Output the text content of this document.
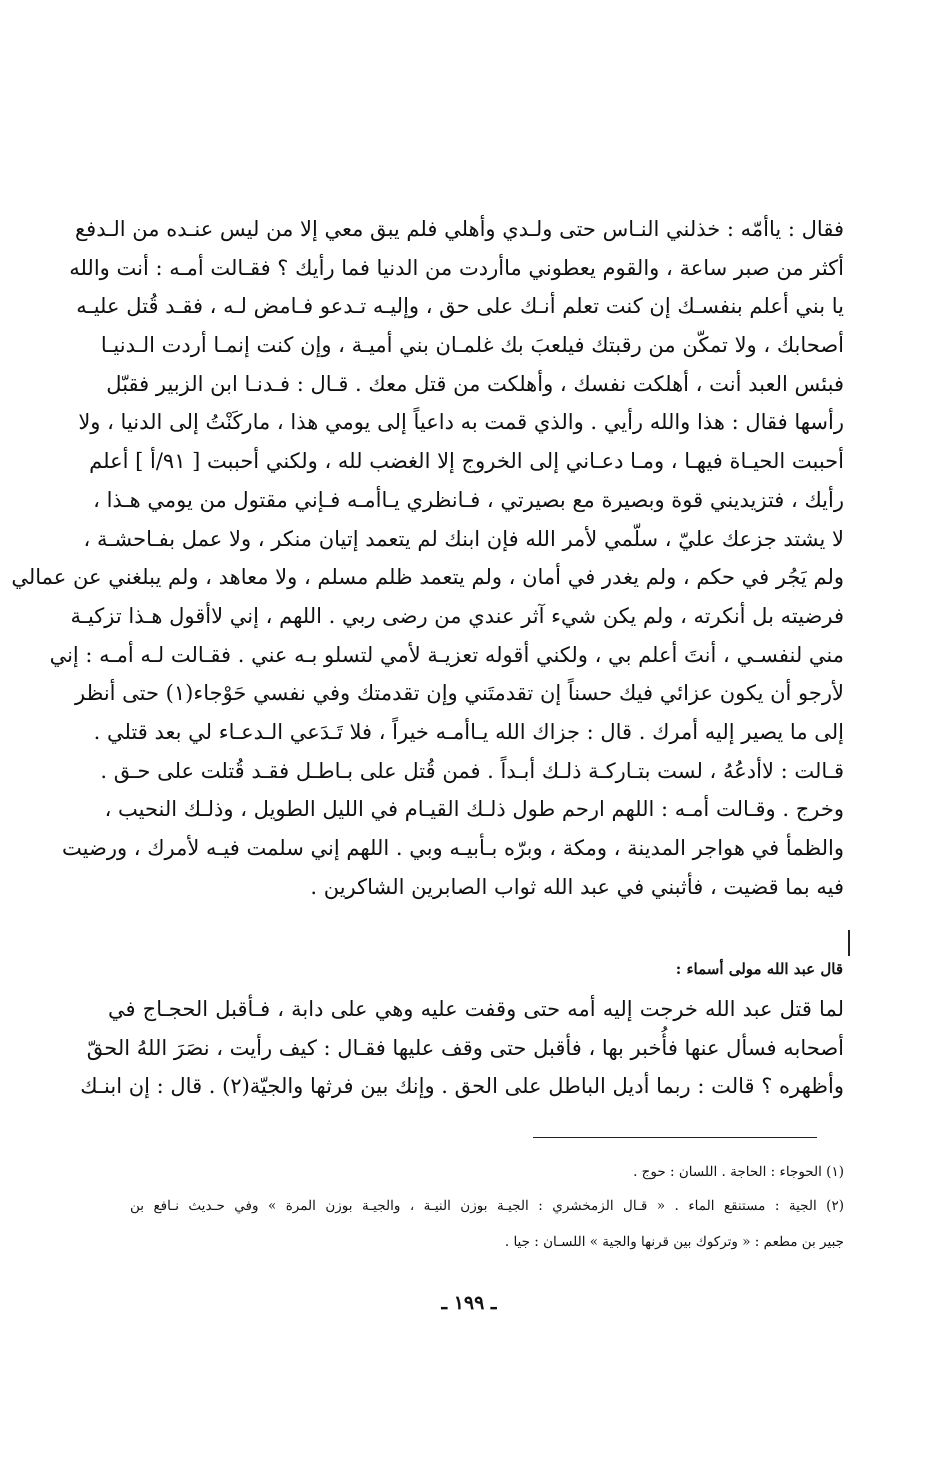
فقال : ياأمّه : خذلني النـاس حتى ولـدي وأهلي فلم يبق معي إلا من ليس عنـده من الـدفع
أكثر من صبر ساعة ، والقوم يعطوني ماأردت من الدنيا فما رأيك ؟ فقـالت أمـه : أنت والله
يا بني أعلم بنفسـك إن كنت تعلم أنـك على حق ، وإليـه تـدعو فـامض لـه ، فقـد قُتل عليـه
أصحابك ، ولا تمكّن من رقبتك فيلعبَ بك غلمـان بني أميـة ، وإن كنت إنمـا أردت الـدنيـا
فبئس العبد أنت ، أهلكت نفسك ، وأهلكت من قتل معك . قـال : فـدنـا ابن الزبير فقبّل
رأسها فقال : هذا والله رأيي . والذي قمت به داعياً إلى يومي هذا ، ماركَنْتُ إلى الدنيا ، ولا
أحببت الحيـاة فيهـا ، ومـا دعـاني إلى الخروج إلا الغضب لله ، ولكني أحببت [ ٩١/أ ] أعلم
رأيك ، فتزيديني قوة وبصيرة مع بصيرتي ، فـانظري يـاأمـه فـإني مقتول من يومي هـذا ،
لا يشتد جزعك عليّ ، سلّمي لأمر الله فإن ابنك لم يتعمد إتيان منكر ، ولا عمل بفـاحشـة ،
ولم يَجُر في حكم ، ولم يغدر في أمان ، ولم يتعمد ظلم مسلم ، ولا معاهد ، ولم يبلغني عن عمالي
فرضيته بل أنكرته ، ولم يكن شيء آثر عندي من رضى ربي . اللهم ، إني لاأقول هـذا تزكيـة
مني لنفسـي ، أنتَ أعلم بي ، ولكني أقوله تعزيـة لأمي لتسلو بـه عني . فقـالت لـه أمـه : إني
لأرجو أن يكون عزائي فيك حسناً إن تقدمتَني وإن تقدمتك وفي نفسي حَوْجاء(١) حتى أنظر
إلى ما يصير إليه أمرك . قال : جزاك الله يـاأمـه خيراً ، فلا تَـدَعي الـدعـاء لي بعد قتلي .
قـالت : لاأدعُهُ ، لست بتـاركـة ذلـك أبـداً . فمن قُتل على بـاطـل فقـد قُتلت على حـق .
وخرج . وقـالت أمـه : اللهم ارحم طول ذلـك القيـام في الليل الطويل ، وذلـك النحيب ،
والظمأ في هواجر المدينة ، ومكة ، وبرّه بـأبيـه وبي . اللهم إني سلمت فيـه لأمرك ، ورضيت
فيه بما قضيت ، فأثبني في عبد الله ثواب الصابرين الشاكرين .
قال عبد الله مولى أسماء :
لما قتل عبد الله خرجت إليه أمه حتى وقفت عليه وهي على دابة ، فـأقبل الحجـاج في
أصحابه فسأل عنها فأُخبر بها ، فأقبل حتى وقف عليها فقـال : كيف رأيت ، نصَرَ اللهُ الحقّ
وأظهره ؟ قالت : ربما أديل الباطل على الحق . وإنك بين فرثها والجيّة(٢) . قال : إن ابنـك
(١) الحوجاء : الحاجة . اللسان : حوج .
(٢) الجية : مستنقع الماء . « قـال الزمخشري : الجيـة بوزن النيـة ، والجيـة بوزن المرة » وفي حـديث نـافع بن
جبير بن مطعم : « وتركوك بين قرنها والجية » اللسـان : جيا .
ـ ١٩٩ ـ
